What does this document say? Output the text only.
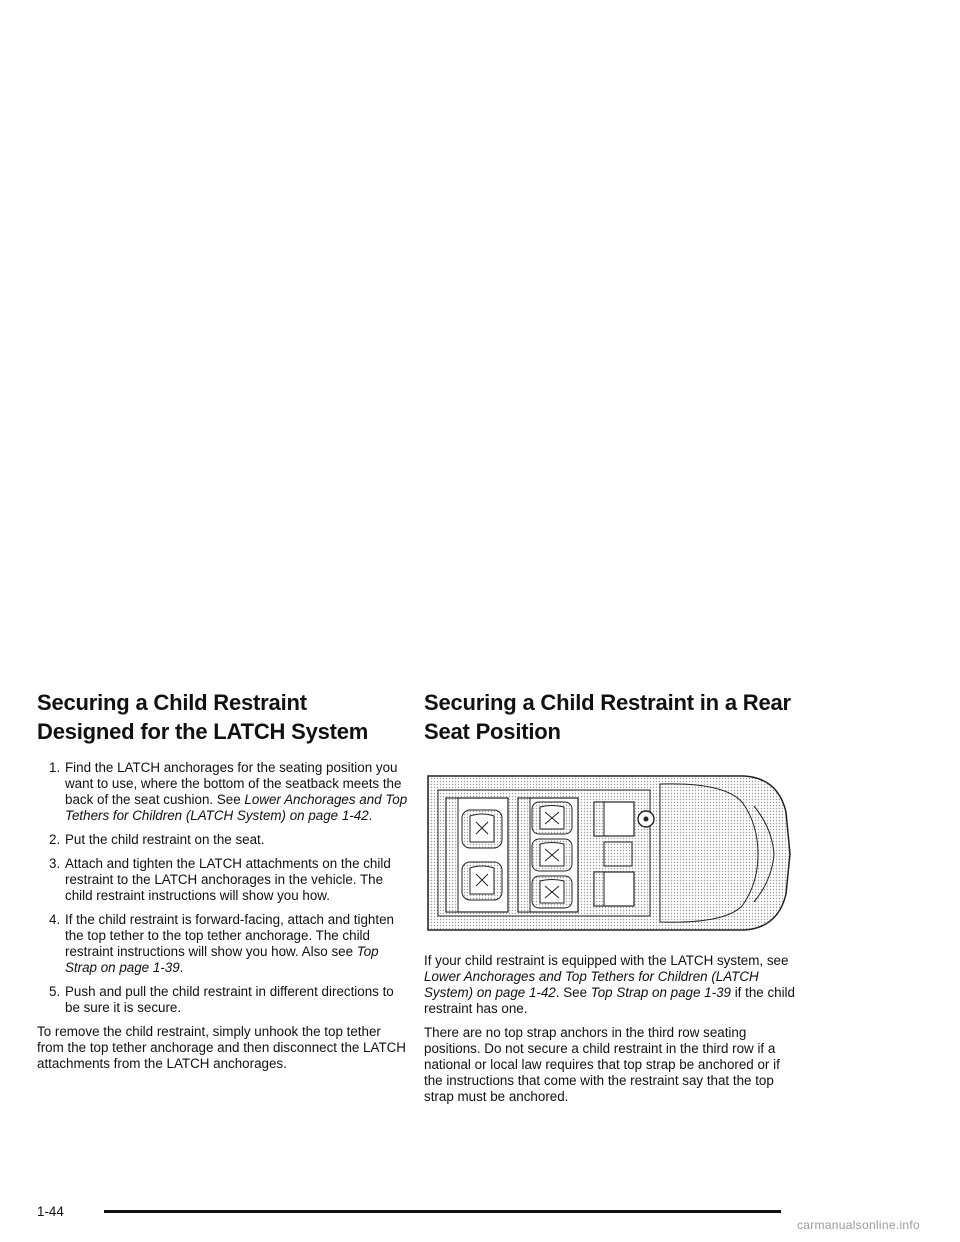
Securing a Child Restraint Designed for the LATCH System
1. Find the LATCH anchorages for the seating position you want to use, where the bottom of the seatback meets the back of the seat cushion. See Lower Anchorages and Top Tethers for Children (LATCH System) on page 1-42.
2. Put the child restraint on the seat.
3. Attach and tighten the LATCH attachments on the child restraint to the LATCH anchorages in the vehicle. The child restraint instructions will show you how.
4. If the child restraint is forward-facing, attach and tighten the top tether to the top tether anchorage. The child restraint instructions will show you how. Also see Top Strap on page 1-39.
5. Push and pull the child restraint in different directions to be sure it is secure.

To remove the child restraint, simply unhook the top tether from the top tether anchorage and then disconnect the LATCH attachments from the LATCH anchorages.

Securing a Child Restraint in a Rear Seat Position

If your child restraint is equipped with the LATCH system, see Lower Anchorages and Top Tethers for Children (LATCH System) on page 1-42. See Top Strap on page 1-39 if the child restraint has one.

There are no top strap anchors in the third row seating positions. Do not secure a child restraint in the third row if a national or local law requires that top strap be anchored or if the instructions that come with the restraint say that the top strap must be anchored.

1-44
carmanualsonline.info
